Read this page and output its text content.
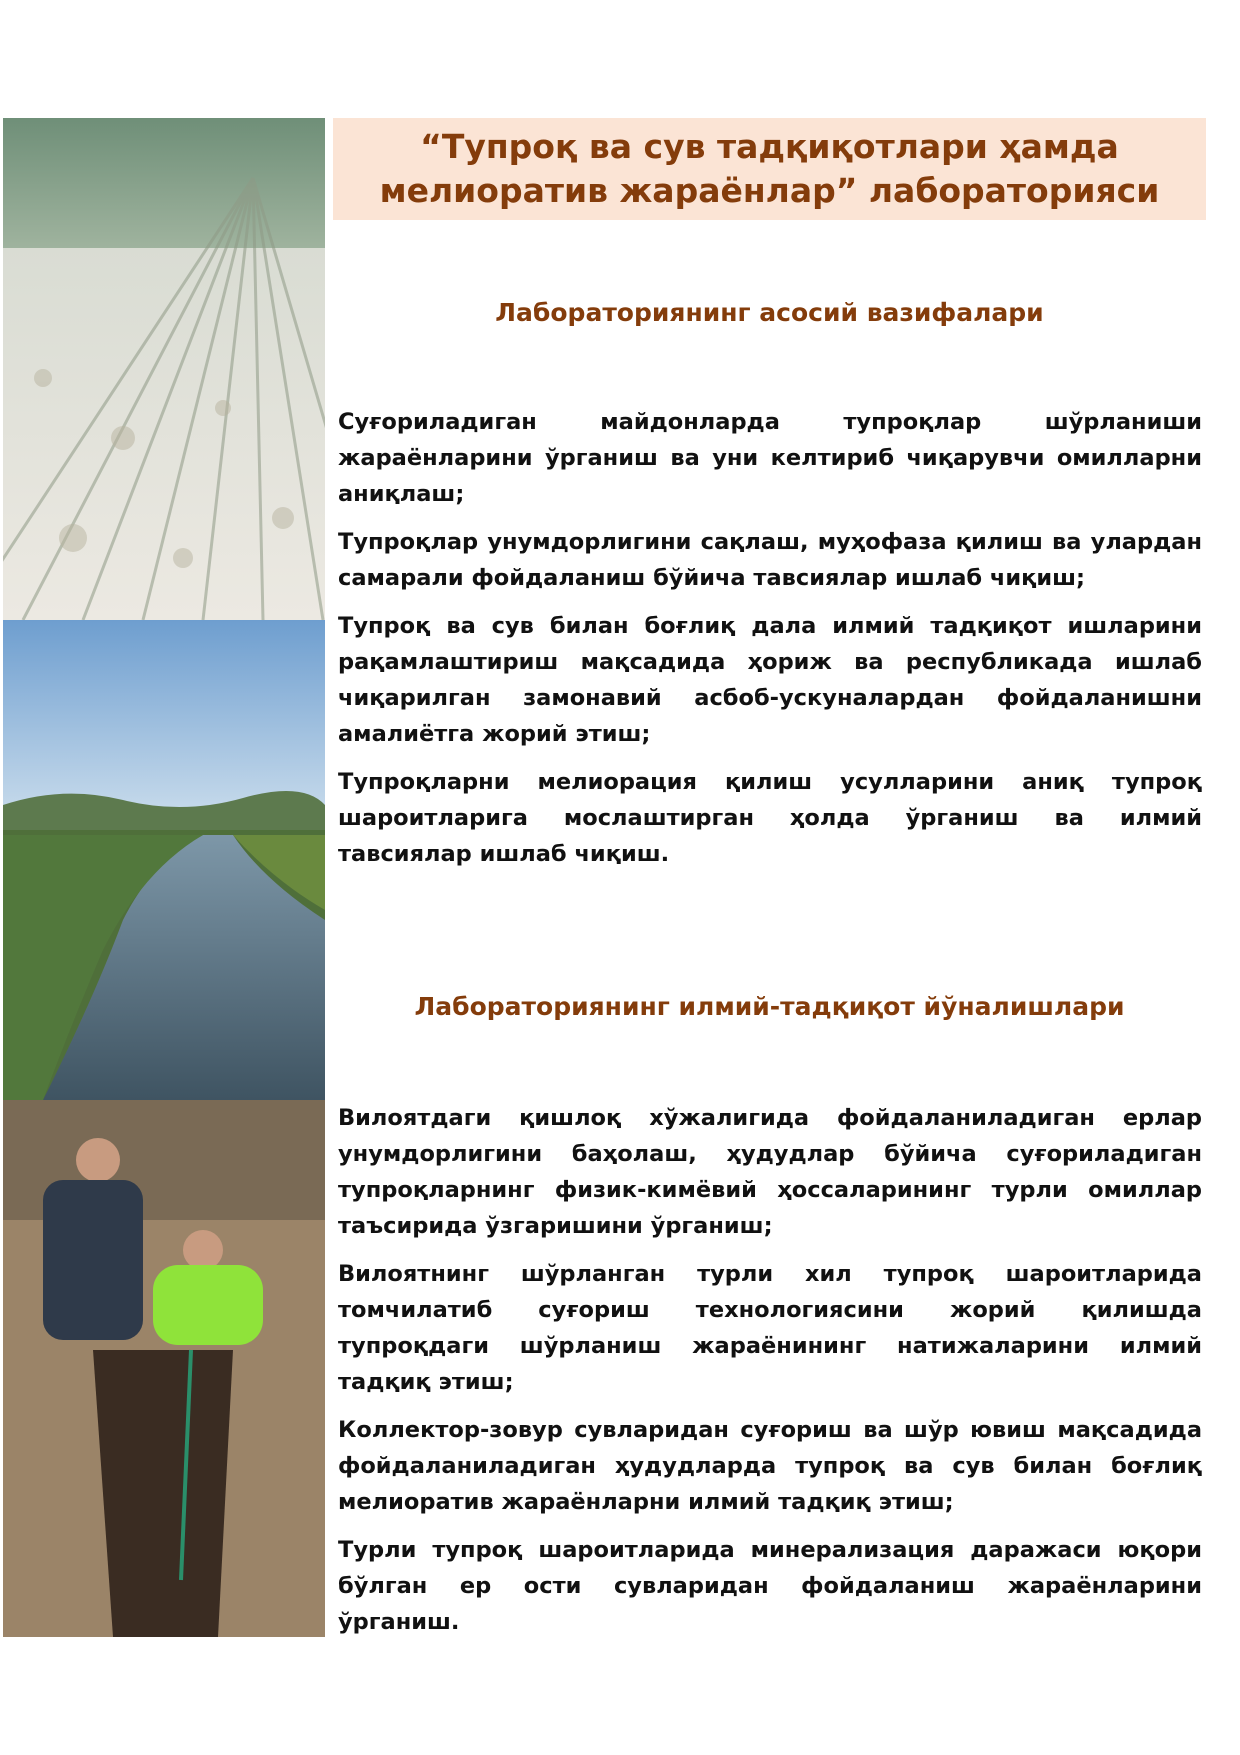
“Тупроқ ва сув тадқиқотлари ҳамда мелиоратив жараёнлар” лабораторияси
Лабораториянинг асосий вазифалари
Суғориладиган майдонларда тупроқлар шўрланиши жараёнларини ўрганиш ва уни келтириб чиқарувчи омилларни аниқлаш;
Тупроқлар унумдорлигини сақлаш, муҳофаза қилиш ва улардан самарали фойдаланиш бўйича тавсиялар ишлаб чиқиш;
Тупроқ ва сув билан боғлиқ дала илмий тадқиқот ишларини рақамлаштириш мақсадида ҳориж ва республикада ишлаб чиқарилган замонавий асбоб-ускуналардан фойдаланишни амалиётга жорий этиш;
Тупроқларни мелиорация қилиш усулларини аниқ тупроқ шароитларига мослаштирган ҳолда ўрганиш ва илмий тавсиялар ишлаб чиқиш.
Лабораториянинг илмий-тадқиқот йўналишлари
Вилоятдаги қишлоқ хўжалигида фойдаланиладиган ерлар унумдорлигини баҳолаш, ҳудудлар бўйича суғориладиган тупроқларнинг физик-кимёвий ҳоссаларининг турли омиллар таъсирида ўзгаришини ўрганиш;
Вилоятнинг шўрланган турли хил тупроқ шароитларида томчилатиб суғориш технологиясини жорий қилишда тупроқдаги шўрланиш жараёнининг натижаларини илмий тадқиқ этиш;
Коллектор-зовур сувларидан суғориш ва шўр ювиш мақсадида фойдаланиладиган ҳудудларда тупроқ ва сув билан боғлиқ мелиоратив жараёнларни илмий тадқиқ этиш;
Турли тупроқ шароитларида минерализация даражаси юқори бўлган ер ости сувларидан фойдаланиш жараёнларини ўрганиш.
